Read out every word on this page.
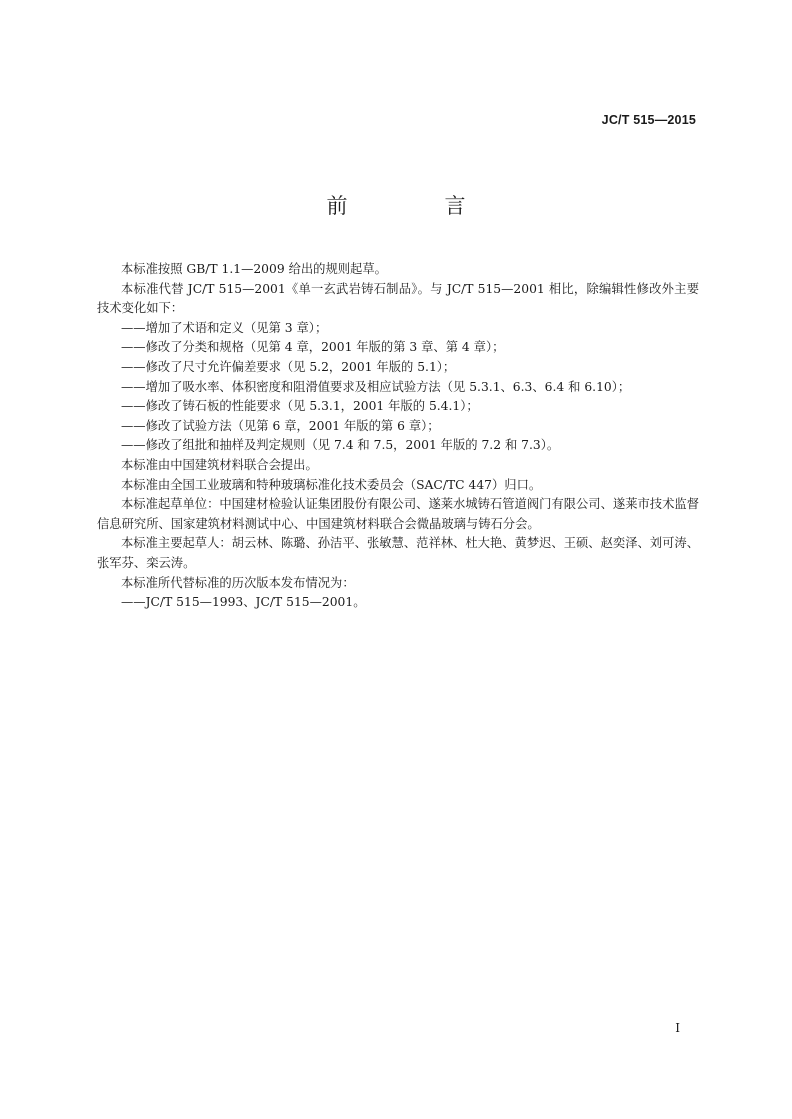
JC/T 515—2015
前　言

本标准按照 GB/T 1.1—2009 给出的规则起草。

本标准代替 JC/T 515—2001《单一玄武岩铸石制品》。与 JC/T 515—2001 相比，除编辑性修改外主要技术变化如下：

——增加了术语和定义（见第 3 章）；

——修改了分类和规格（见第 4 章，2001 年版的第 3 章、第 4 章）；

——修改了尺寸允许偏差要求（见 5.2，2001 年版的 5.1）；

——增加了吸水率、体积密度和阻滑值要求及相应试验方法（见 5.3.1、6.3、6.4 和 6.10）；

——修改了铸石板的性能要求（见 5.3.1，2001 年版的 5.4.1）；

——修改了试验方法（见第 6 章，2001 年版的第 6 章）；

——修改了组批和抽样及判定规则（见 7.4 和 7.5，2001 年版的 7.2 和 7.3）。

本标准由中国建筑材料联合会提出。

本标准由全国工业玻璃和特种玻璃标准化技术委员会（SAC/TC 447）归口。

本标准起草单位：中国建材检验认证集团股份有限公司、遂莱水城铸石管道阀门有限公司、遂莱市技术监督信息研究所、国家建筑材料测试中心、中国建筑材料联合会微晶玻璃与铸石分会。

本标准主要起草人：胡云林、陈璐、孙洁平、张敏慧、范祥林、杜大艳、黄梦迟、王硕、赵奕泽、刘可涛、张军芬、栾云涛。

本标准所代替标准的历次版本发布情况为：

——JC/T 515—1993、JC/T 515—2001。

I
